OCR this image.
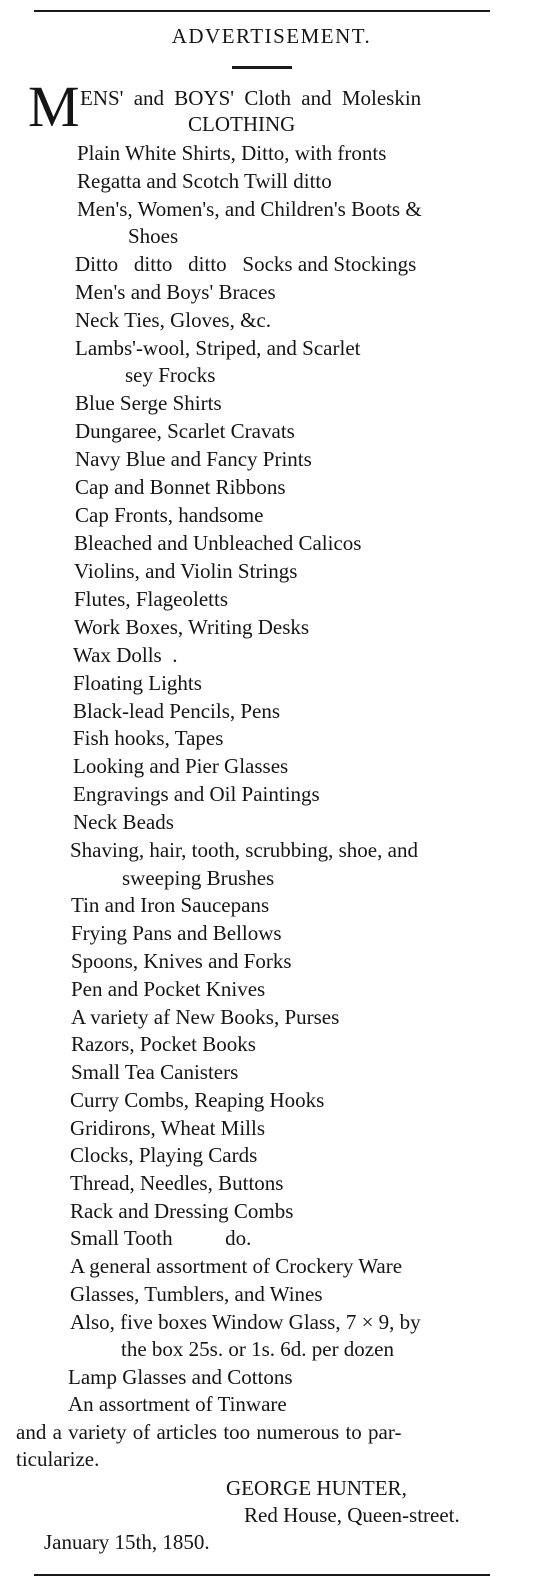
ADVERTISEMENT.
M ENS' and BOYS' Cloth and Moleskin
CLOTHING
Plain White Shirts, Ditto, with fronts
Regatta and Scotch Twill ditto
Men's, Women's, and Children's Boots &
Shoes
Ditto   ditto   ditto   Socks and Stockings
Men's and Boys' Braces
Neck Ties, Gloves, &c.
Lambs'-wool, Striped, and Scarlet
sey Frocks
Blue Serge Shirts
Dungaree, Scarlet Cravats
Navy Blue and Fancy Prints
Cap and Bonnet Ribbons
Cap Fronts, handsome
Bleached and Unbleached Calicos
Violins, and Violin Strings
Flutes, Flageoletts
Work Boxes, Writing Desks
Wax Dolls  .
Floating Lights
Black-lead Pencils, Pens
Fish hooks, Tapes
Looking and Pier Glasses
Engravings and Oil Paintings
Neck Beads
Shaving, hair, tooth, scrubbing, shoe, and
sweeping Brushes
Tin and Iron Saucepans
Frying Pans and Bellows
Spoons, Knives and Forks
Pen and Pocket Knives
A variety af New Books, Purses
Razors, Pocket Books
Small Tea Canisters
Curry Combs, Reaping Hooks
Gridirons, Wheat Mills
Clocks, Playing Cards
Thread, Needles, Buttons
Rack and Dressing Combs
Small Tooth          do.
A general assortment of Crockery Ware
Glasses, Tumblers, and Wines
Also, five boxes Window Glass, 7 × 9, by
the box 25s. or 1s. 6d. per dozen
Lamp Glasses and Cottons
An assortment of Tinware
and a variety of articles too numerous to par-
ticularize.
GEORGE HUNTER,
Red House, Queen-street.
January 15th, 1850.
